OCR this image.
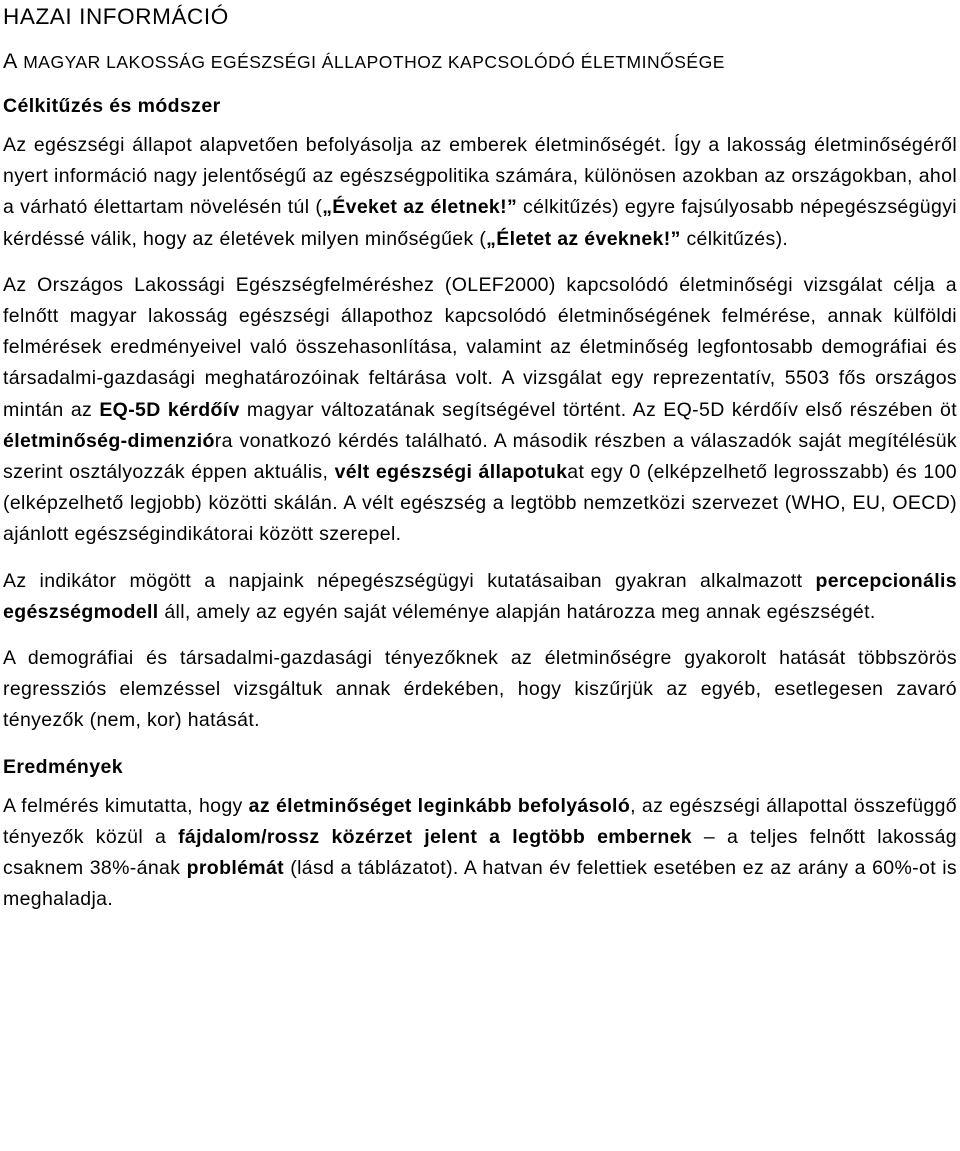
HAZAI INFORMÁCIÓ
A MAGYAR LAKOSSÁG EGÉSZSÉGI ÁLLAPOTHOZ KAPCSOLÓDÓ ÉLETMINŐSÉGE
Célkitűzés és módszer

Az egészségi állapot alapvetően befolyásolja az emberek életminőségét. Így a lakosság életminőségéről nyert információ nagy jelentőségű az egészségpolitika számára, különösen azokban az országokban, ahol a várható élettartam növelésén túl („Éveket az életnek!” célkitűzés) egyre fajsúlyosabb népegészségügyi kérdéssé válik, hogy az életévek milyen minőségűek („Életet az éveknek!” célkitűzés).

Az Országos Lakossági Egészségfelméréshez (OLEF2000) kapcsolódó életminőségi vizsgálat célja a felnőtt magyar lakosság egészségi állapothoz kapcsolódó életminőségének felmérése, annak külföldi felmérések eredményeivel való összehasonlítása, valamint az életminőség legfontosabb demográfiai és társadalmi-gazdasági meghatározóinak feltárása volt. A vizsgálat egy reprezentatív, 5503 fős országos mintán az EQ-5D kérdőív magyar változatának segítségével történt. Az EQ-5D kérdőív első részében öt életminőség-dimenzióra vonatkozó kérdés található. A második részben a válaszadók saját megítélésük szerint osztályozzák éppen aktuális, vélt egészségi állapotukat egy 0 (elképzelhető legrosszabb) és 100 (elképzelhető legjobb) közötti skálán. A vélt egészség a legtöbb nemzetközi szervezet (WHO, EU, OECD) ajánlott egészségindikátorai között szerepel.

Az indikátor mögött a napjaink népegészségügyi kutatásaiban gyakran alkalmazott percepcionális egészségmodell áll, amely az egyén saját véleménye alapján határozza meg annak egészségét.

A demográfiai és társadalmi-gazdasági tényezőknek az életminőségre gyakorolt hatását többszörös regressziós elemzéssel vizsgáltuk annak érdekében, hogy kiszűrjük az egyéb, esetlegesen zavaró tényezők (nem, kor) hatását.

Eredmények

A felmérés kimutatta, hogy az életminőséget leginkább befolyásoló, az egészségi állapottal összefüggő tényezők közül a fájdalom/rossz közérzet jelent a legtöbb embernek – a teljes felnőtt lakosság csaknem 38%-ának problémát (lásd a táblázatot). A hatvan év felettiek esetében ez az arány a 60%-ot is meghaladja.
